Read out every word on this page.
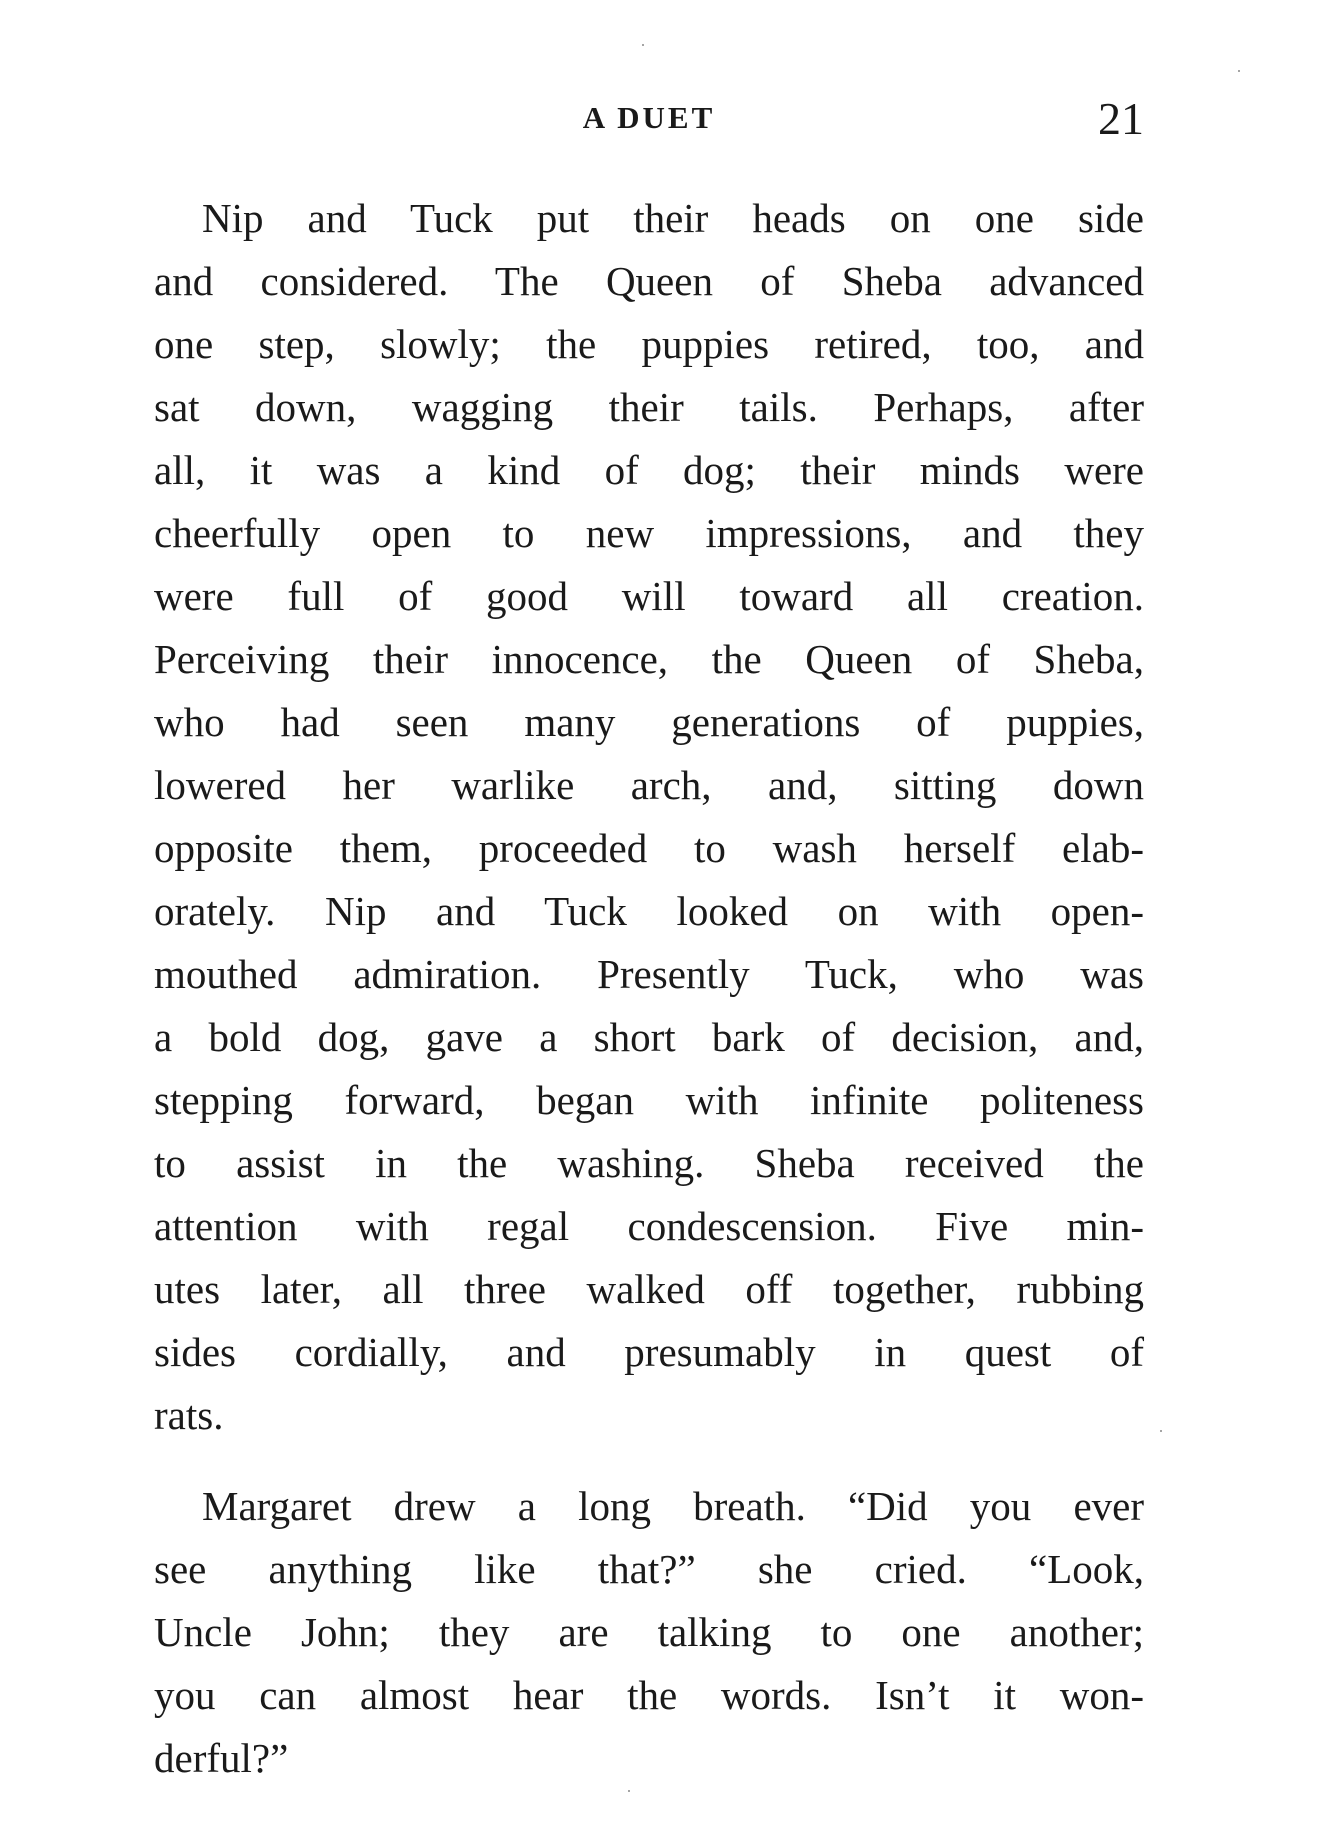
A DUET	21
Nip and Tuck put their heads on one side
and considered. The Queen of Sheba advanced
one step, slowly; the puppies retired, too, and
sat down, wagging their tails. Perhaps, after
all, it was a kind of dog; their minds were
cheerfully open to new impressions, and they
were full of good will toward all creation.
Perceiving their innocence, the Queen of Sheba,
who had seen many generations of puppies,
lowered her warlike arch, and, sitting down
opposite them, proceeded to wash herself elab-
orately. Nip and Tuck looked on with open-
mouthed admiration. Presently Tuck, who was
a bold dog, gave a short bark of decision, and,
stepping forward, began with infinite politeness
to assist in the washing. Sheba received the
attention with regal condescension. Five min-
utes later, all three walked off together, rubbing
sides cordially, and presumably in quest of
rats.
Margaret drew a long breath. “Did you ever
see anything like that?” she cried. “Look,
Uncle John; they are talking to one another;
you can almost hear the words. Isn’t it won-
derful?”
